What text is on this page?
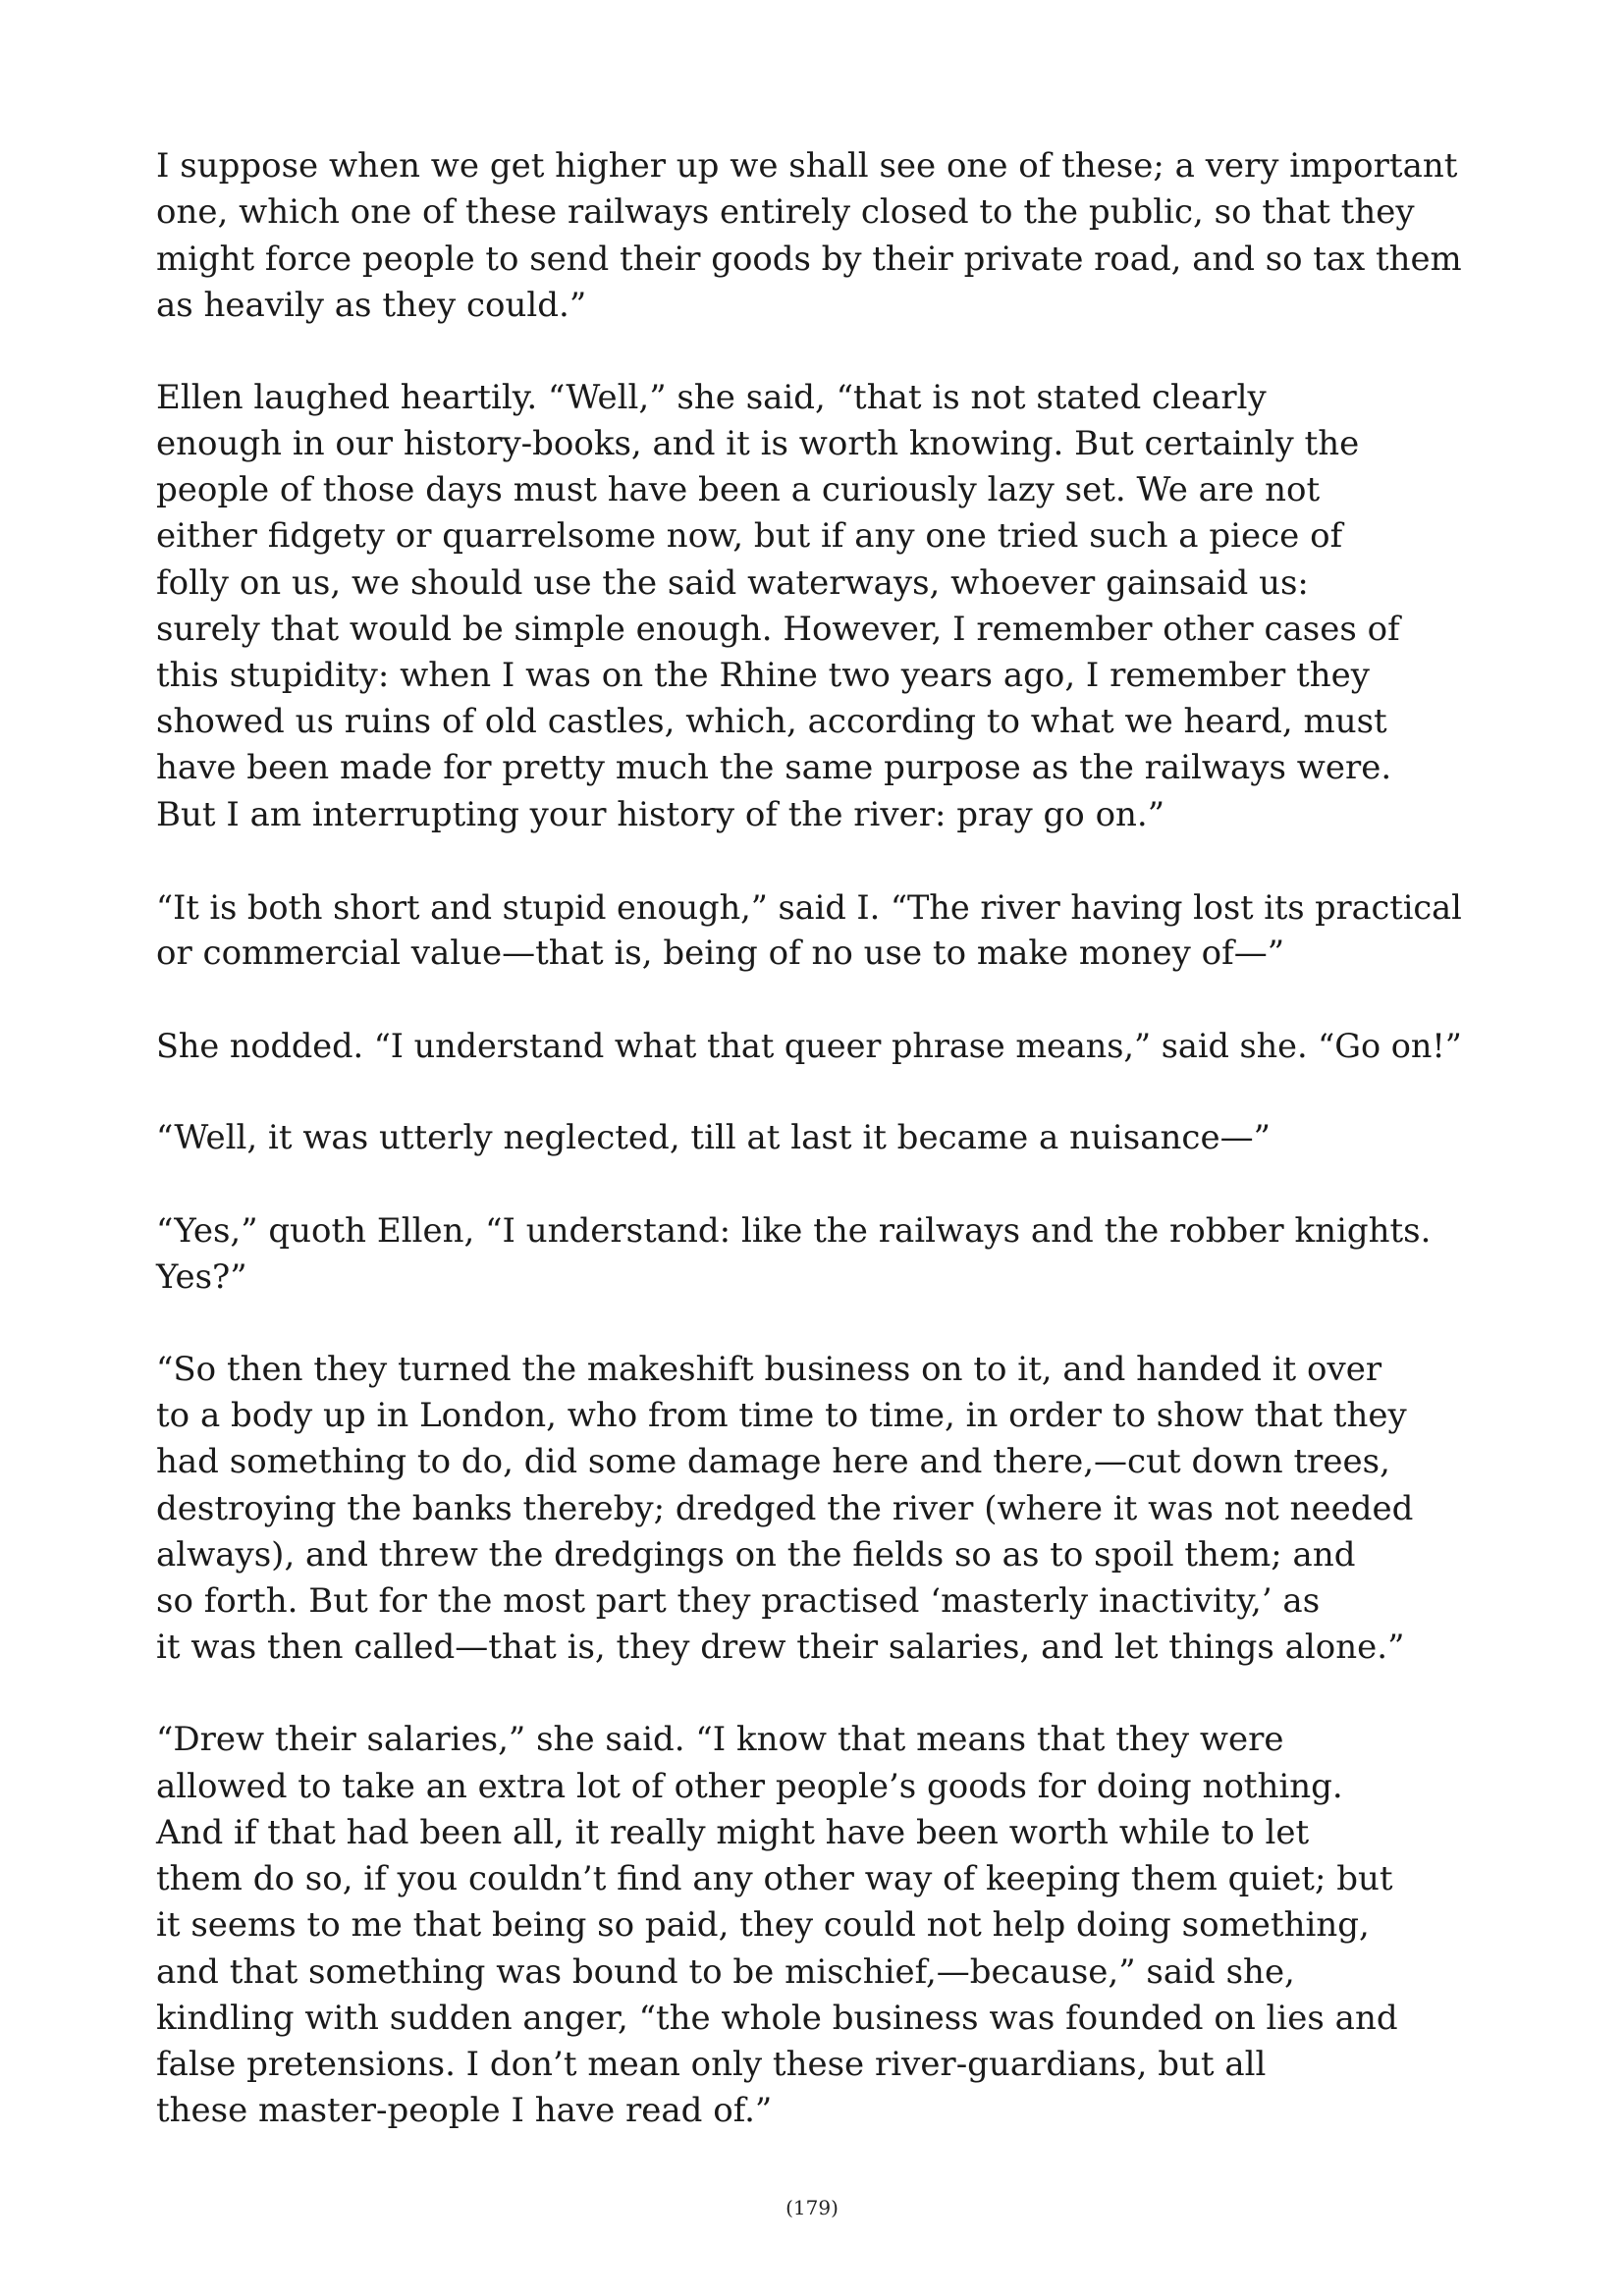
I suppose when we get higher up we shall see one of these; a very important
one, which one of these railways entirely closed to the public, so that they
might force people to send their goods by their private road, and so tax them
as heavily as they could.”

Ellen laughed heartily. “Well,” she said, “that is not stated clearly
enough in our history-books, and it is worth knowing. But certainly the
people of those days must have been a curiously lazy set. We are not
either fidgety or quarrelsome now, but if any one tried such a piece of
folly on us, we should use the said waterways, whoever gainsaid us:
surely that would be simple enough. However, I remember other cases of
this stupidity: when I was on the Rhine two years ago, I remember they
showed us ruins of old castles, which, according to what we heard, must
have been made for pretty much the same purpose as the railways were.
But I am interrupting your history of the river: pray go on.”

“It is both short and stupid enough,” said I. “The river having lost its practical
or commercial value—that is, being of no use to make money of—”

She nodded. “I understand what that queer phrase means,” said she. “Go on!”

“Well, it was utterly neglected, till at last it became a nuisance—”

“Yes,” quoth Ellen, “I understand: like the railways and the robber knights.
Yes?”

“So then they turned the makeshift business on to it, and handed it over
to a body up in London, who from time to time, in order to show that they
had something to do, did some damage here and there,—cut down trees,
destroying the banks thereby; dredged the river (where it was not needed
always), and threw the dredgings on the fields so as to spoil them; and
so forth. But for the most part they practised ‘masterly inactivity,’ as
it was then called—that is, they drew their salaries, and let things alone.”

“Drew their salaries,” she said. “I know that means that they were
allowed to take an extra lot of other people’s goods for doing nothing.
And if that had been all, it really might have been worth while to let
them do so, if you couldn’t find any other way of keeping them quiet; but
it seems to me that being so paid, they could not help doing something,
and that something was bound to be mischief,—because,” said she,
kindling with sudden anger, “the whole business was founded on lies and
false pretensions. I don’t mean only these river-guardians, but all
these master-people I have read of.”

(179)
